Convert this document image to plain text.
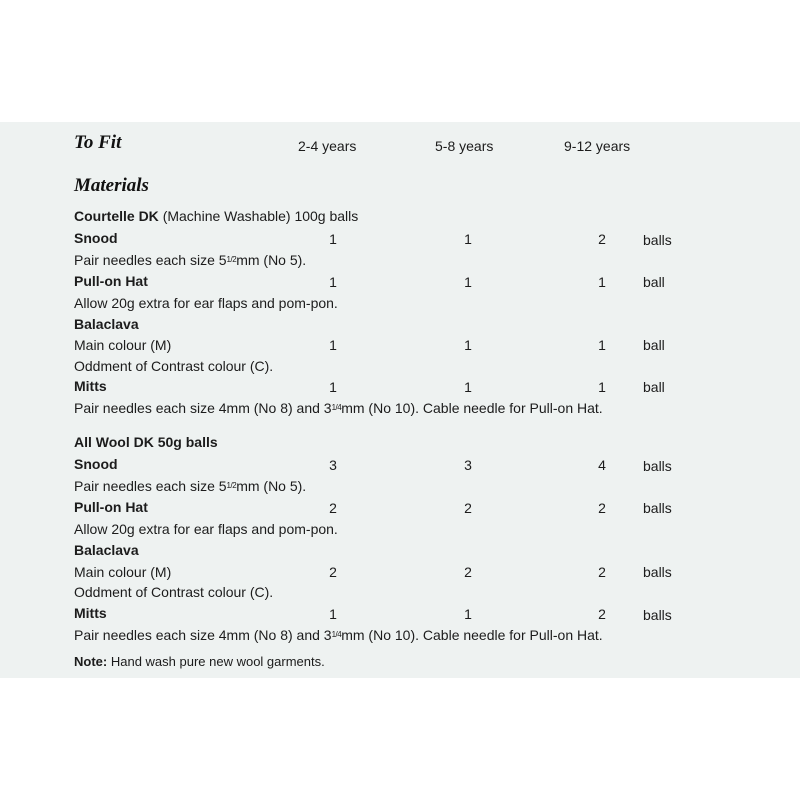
To Fit	2-4 years	5-8 years	9-12 years
Materials
Courtelle DK (Machine Washable) 100g balls
Snood	1	1	2	balls
Pair needles each size $5^{1/2}mm$ (No 5).
Pull-on Hat	1	1	1	ball
Allow 20g extra for ear flaps and pom-pon.
Balaclava
Main colour (M)	1	1	1	ball
Oddment of Contrast colour (C).
Mitts	1	1	1	ball
Pair needles each size 4mm (No 8) and $3^{1/4}mm$ (No 10). Cable needle for Pull-on Hat.
All Wool DK 50g balls
Snood	3	3	4	balls
Pair needles each size $5^{1/2}mm$ (No 5).
Pull-on Hat	2	2	2	balls
Allow 20g extra for ear flaps and pom-pon.
Balaclava
Main colour (M)	2	2	2	balls
Oddment of Contrast colour (C).
Mitts	1	1	2	balls
Pair needles each size 4mm (No 8) and $3^{1/4}mm$ (No 10). Cable needle for Pull-on Hat.
Note: Hand wash pure new wool garments.
